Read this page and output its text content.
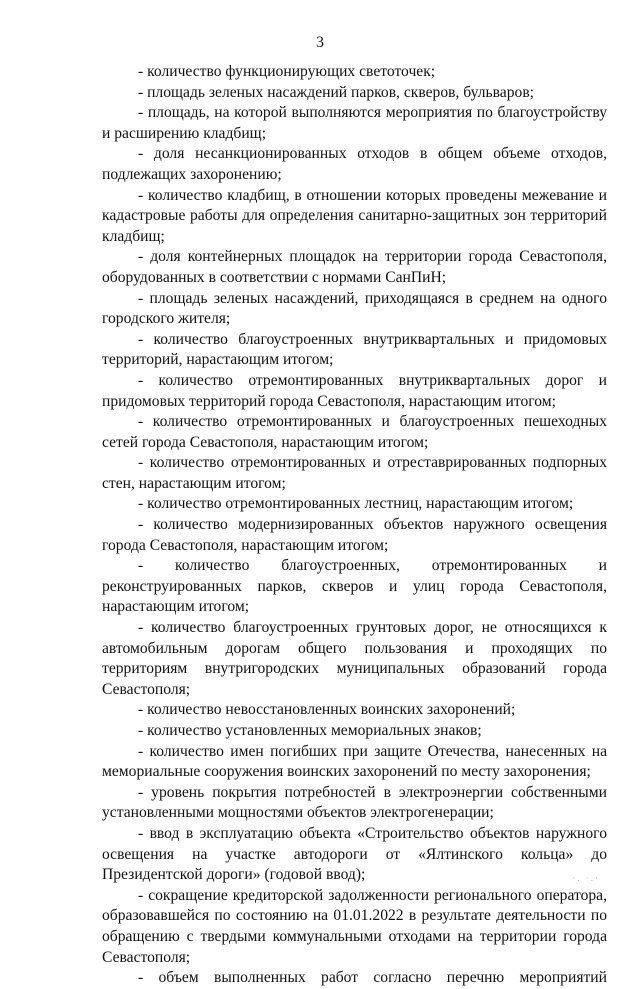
3

- количество функционирующих светоточек;

- площадь зеленых насаждений парков, скверов, бульваров;

- площадь, на которой выполняются мероприятия по благоустройству и расширению кладбищ;

- доля несанкционированных отходов в общем объеме отходов, подлежащих захоронению;

- количество кладбищ, в отношении которых проведены межевание и кадастровые работы для определения санитарно-защитных зон территорий кладбищ;

- доля контейнерных площадок на территории города Севастополя, оборудованных в соответствии с нормами СанПиН;

- площадь зеленых насаждений, приходящаяся в среднем на одного городского жителя;

- количество благоустроенных внутриквартальных и придомовых территорий, нарастающим итогом;

- количество отремонтированных внутриквартальных дорог и придомовых территорий города Севастополя, нарастающим итогом;

- количество отремонтированных и благоустроенных пешеходных сетей города Севастополя, нарастающим итогом;

- количество отремонтированных и отреставрированных подпорных стен, нарастающим итогом;

- количество отремонтированных лестниц, нарастающим итогом;

- количество модернизированных объектов наружного освещения города Севастополя, нарастающим итогом;

- количество благоустроенных, отремонтированных и реконструированных парков, скверов и улиц города Севастополя, нарастающим итогом;

- количество благоустроенных грунтовых дорог, не относящихся к автомобильным дорогам общего пользования и проходящих по территориям внутригородских муниципальных образований города Севастополя;

- количество невосстановленных воинских захоронений;

- количество установленных мемориальных знаков;

- количество имен погибших при защите Отечества, нанесенных на мемориальные сооружения воинских захоронений по месту захоронения;

- уровень покрытия потребностей в электроэнергии собственными установленными мощностями объектов электрогенерации;

- ввод в эксплуатацию объекта «Строительство объектов наружного освещения на участке автодороги от «Ялтинского кольца» до Президентской дороги» (годовой ввод);

- сокращение кредиторской задолженности регионального оператора, образовавшейся по состоянию на 01.01.2022 в результате деятельности по обращению с твердыми коммунальными отходами на территории города Севастополя;

- объем выполненных работ согласно перечню мероприятий

·. ·.·
